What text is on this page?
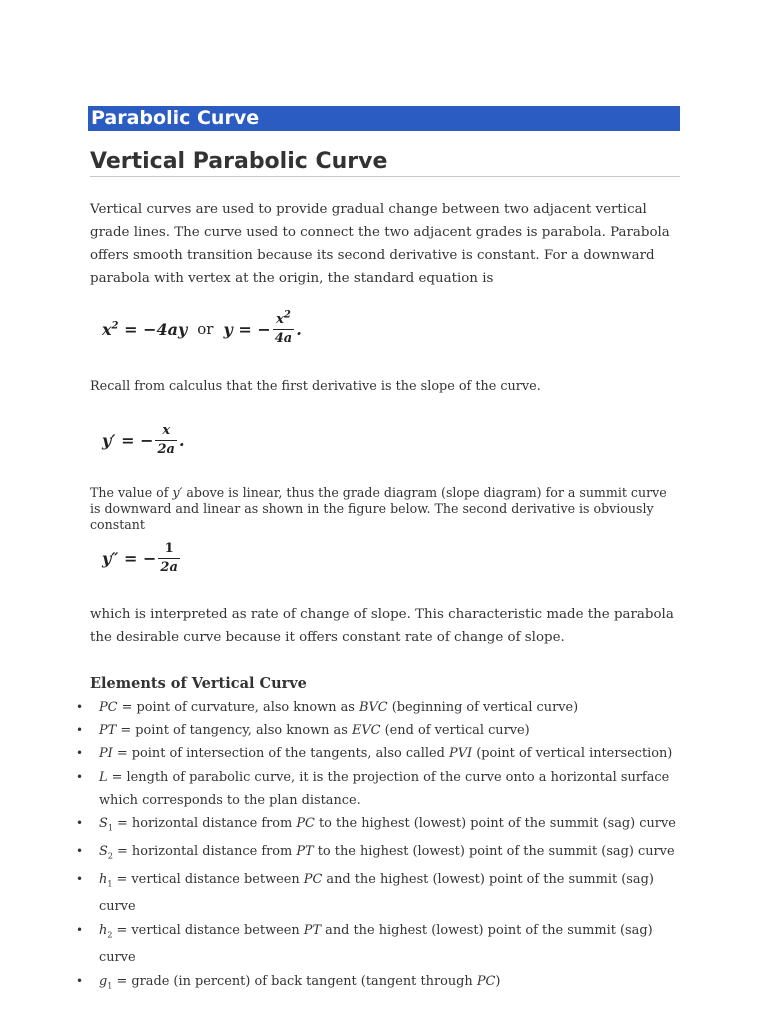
Parabolic Curve
Vertical Parabolic Curve
Vertical curves are used to provide gradual change between two adjacent vertical grade lines. The curve used to connect the two adjacent grades is parabola. Parabola offers smooth transition because its second derivative is constant. For a downward parabola with vertex at the origin, the standard equation is
$x^2 = -4ay$ or y = − $\frac{x^2}{4a}$ .
Recall from calculus that the first derivative is the slope of the curve.
y′ = − $\frac{x}{2a}$ .
The value of y′ above is linear, thus the grade diagram (slope diagram) for a summit curve is downward and linear as shown in the figure below. The second derivative is obviously constant
y″ = − $\frac{1}{2a}$
which is interpreted as rate of change of slope. This characteristic made the parabola the desirable curve because it offers constant rate of change of slope.
Elements of Vertical Curve
• PC = point of curvature, also known as BVC (beginning of vertical curve)
• PT = point of tangency, also known as EVC (end of vertical curve)
• PI = point of intersection of the tangents, also called PVI (point of vertical intersection)
• L = length of parabolic curve, it is the projection of the curve onto a horizontal surface which corresponds to the plan distance.
• $S_1$ = horizontal distance from PC to the highest (lowest) point of the summit (sag) curve
• $S_2$ = horizontal distance from PT to the highest (lowest) point of the summit (sag) curve
• $h_1$ = vertical distance between PC and the highest (lowest) point of the summit (sag) curve
• $h_2$ = vertical distance between PT and the highest (lowest) point of the summit (sag) curve
• $g_1$ = grade (in percent) of back tangent (tangent through PC)
